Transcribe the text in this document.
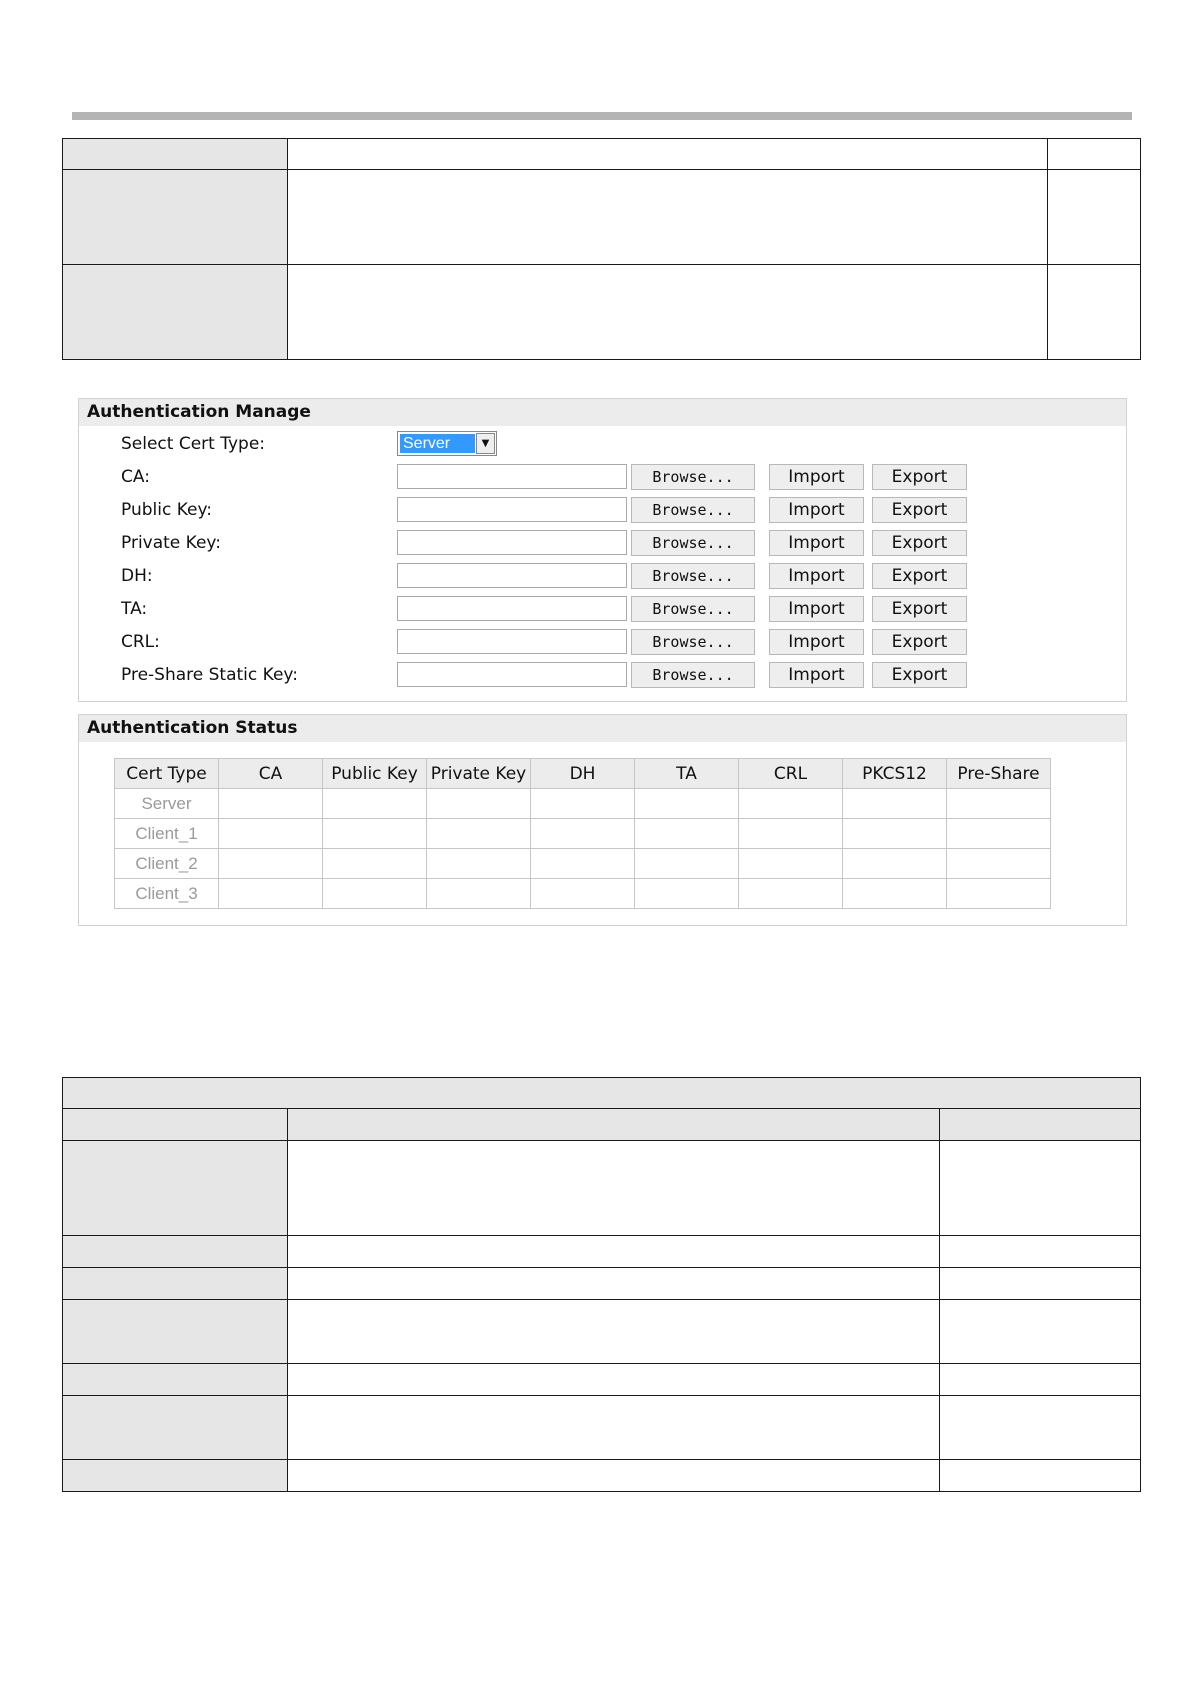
Authentication Manage
Select Cert Type:	Server	▼
CA:	Browse...	Import	Export
Public Key:	Browse...	Import	Export
Private Key:	Browse...	Import	Export
DH:	Browse...	Import	Export
TA:	Browse...	Import	Export
CRL:	Browse...	Import	Export
Pre-Share Static Key:	Browse...	Import	Export
Authentication Status
Cert Type	CA	Public Key	Private Key	DH	TA	CRL	PKCS12	Pre-Share
Server								
Client_1								
Client_2								
Client_3								
